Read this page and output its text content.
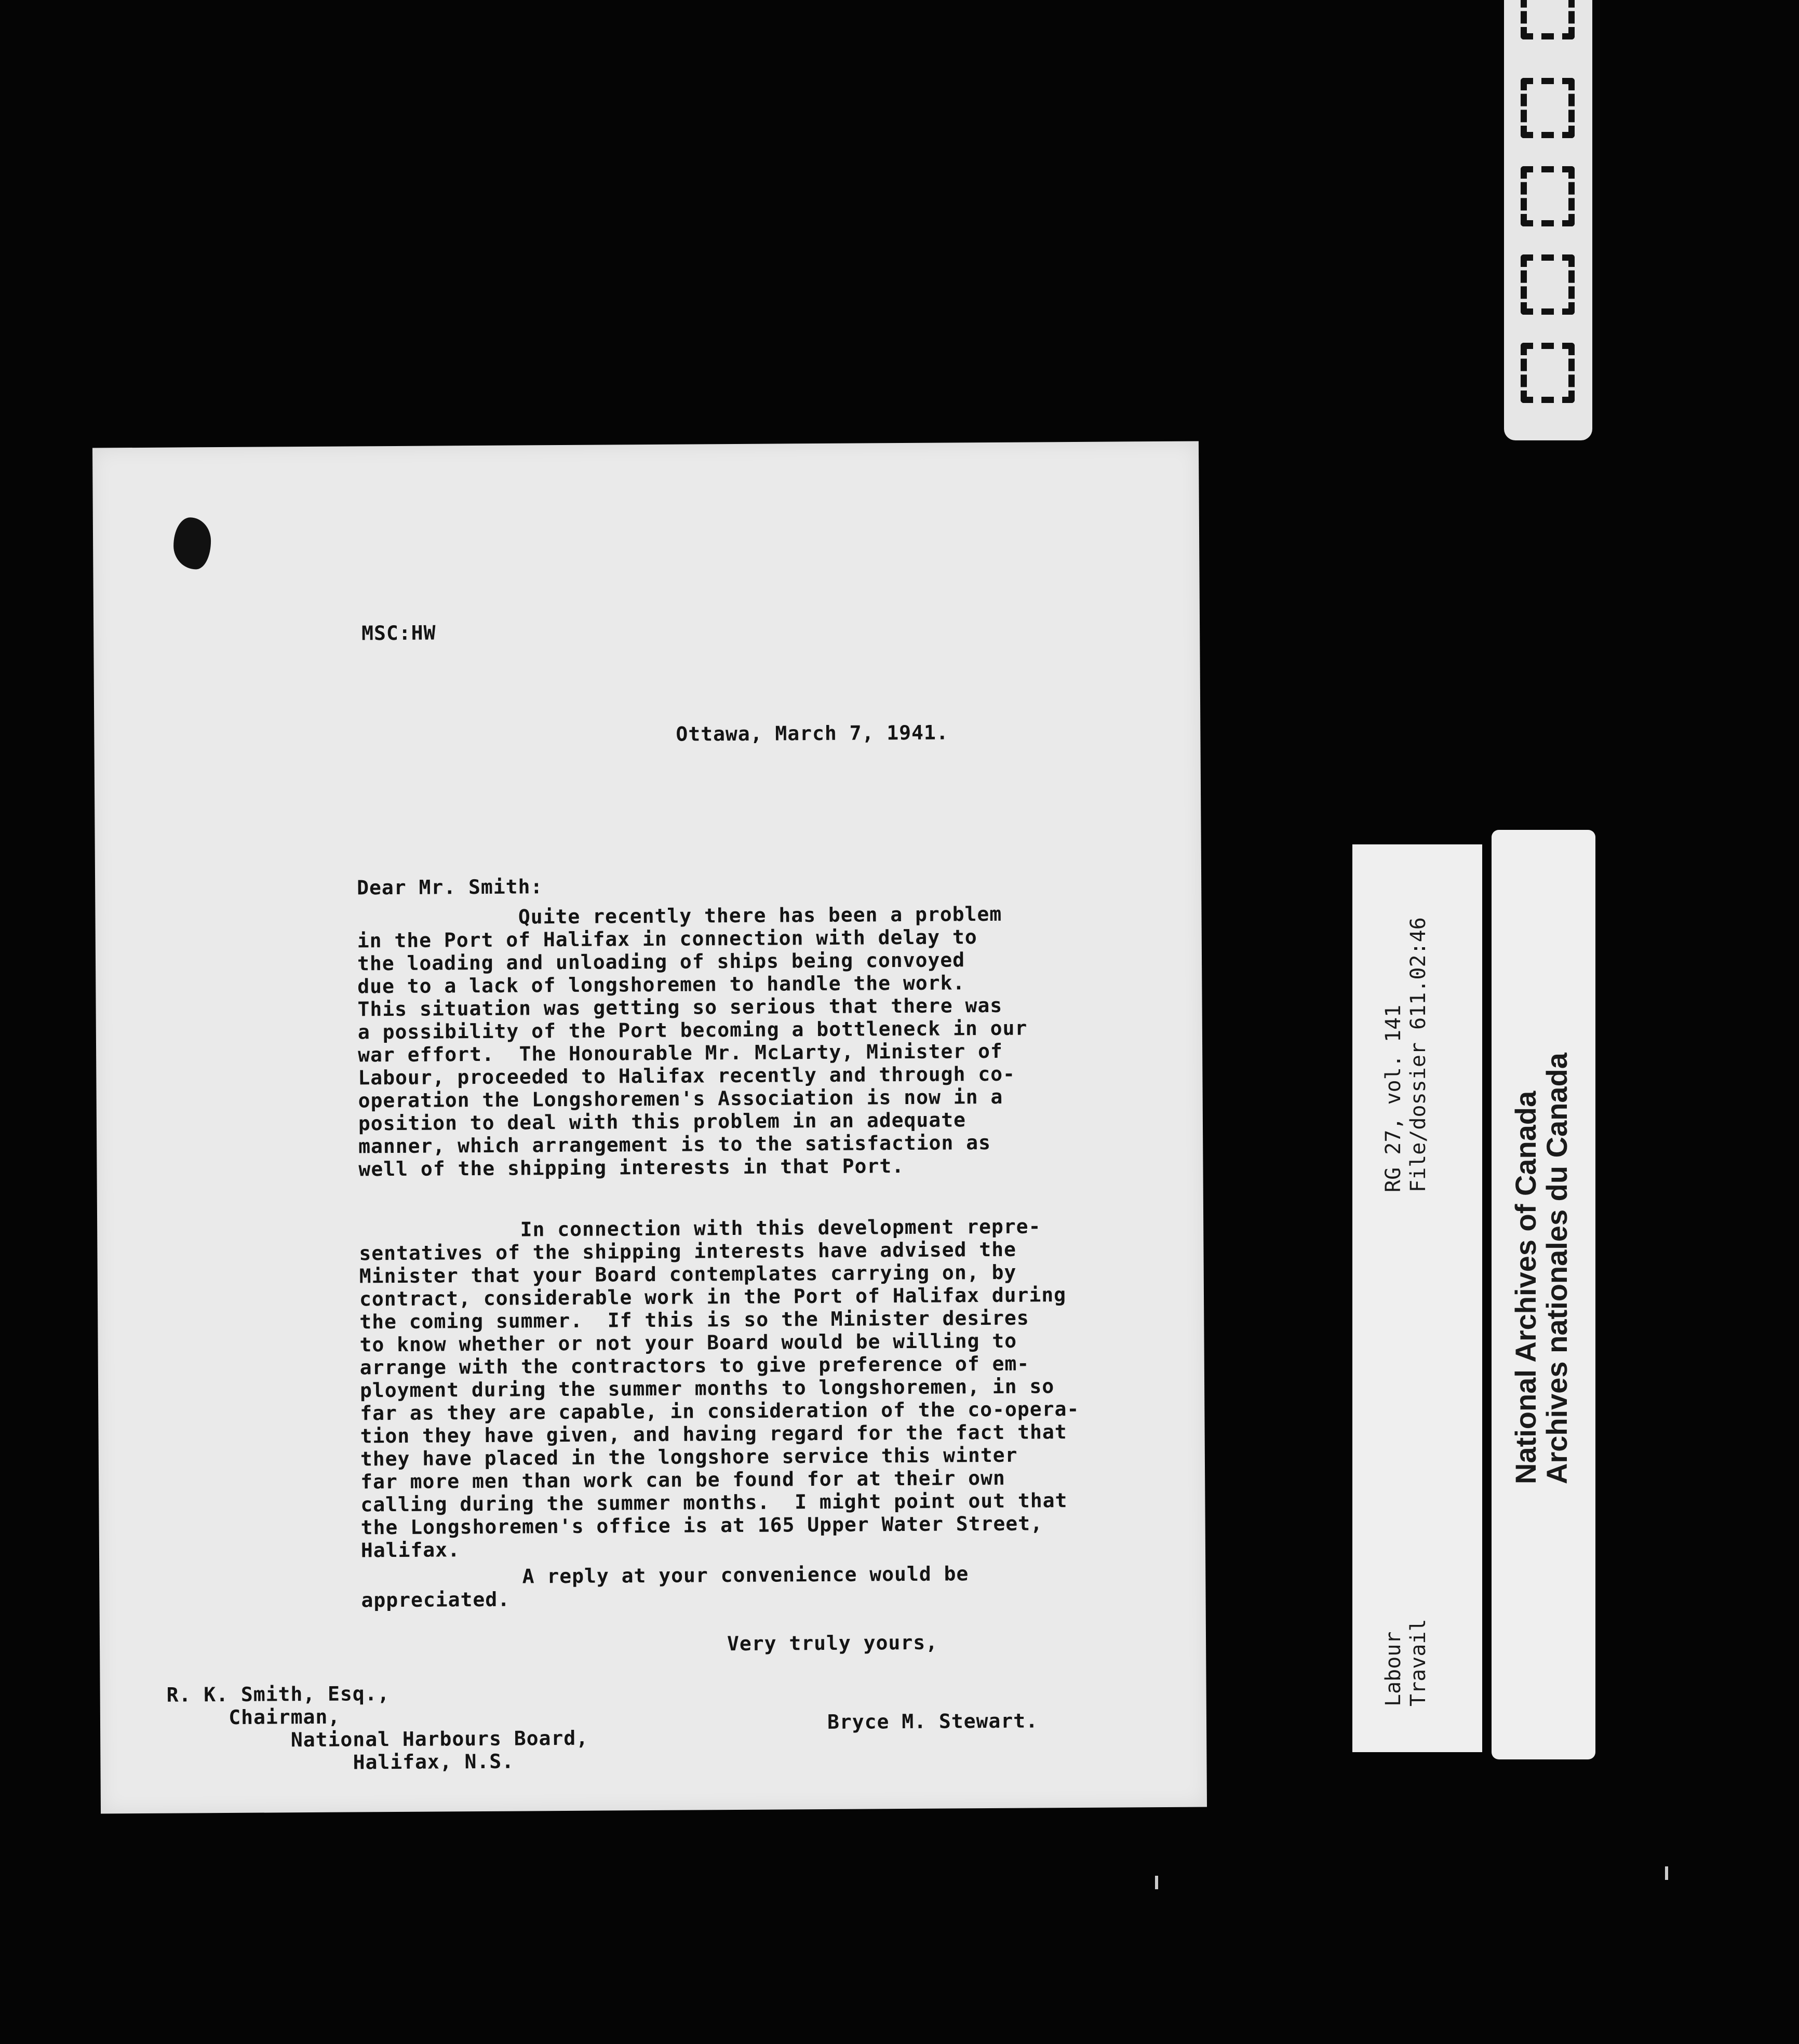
MSC:HW
Ottawa, March 7, 1941.
Dear Mr. Smith:
Quite recently there has been a problem
in the Port of Halifax in connection with delay to
the loading and unloading of ships being convoyed
due to a lack of longshoremen to handle the work.
This situation was getting so serious that there was
a possibility of the Port becoming a bottleneck in our
war effort.  The Honourable Mr. McLarty, Minister of
Labour, proceeded to Halifax recently and through co-
operation the Longshoremen's Association is now in a
position to deal with this problem in an adequate
manner, which arrangement is to the satisfaction as
well of the shipping interests in that Port.
In connection with this development repre-
sentatives of the shipping interests have advised the
Minister that your Board contemplates carrying on, by
contract, considerable work in the Port of Halifax during
the coming summer.  If this is so the Minister desires
to know whether or not your Board would be willing to
arrange with the contractors to give preference of em-
ployment during the summer months to longshoremen, in so
far as they are capable, in consideration of the co-opera-
tion they have given, and having regard for the fact that
they have placed in the longshore service this winter
far more men than work can be found for at their own
calling during the summer months.  I might point out that
the Longshoremen's office is at 165 Upper Water Street,
Halifax.
A reply at your convenience would be
appreciated.
Very truly yours,
R. K. Smith, Esq.,
Chairman,
National Harbours Board,
Halifax, N.S.
Bryce M. Stewart.
RG 27, vol. 141 File/dossier 611.02:46
Labour Travail
National Archives of Canada
Archives nationales du Canada
